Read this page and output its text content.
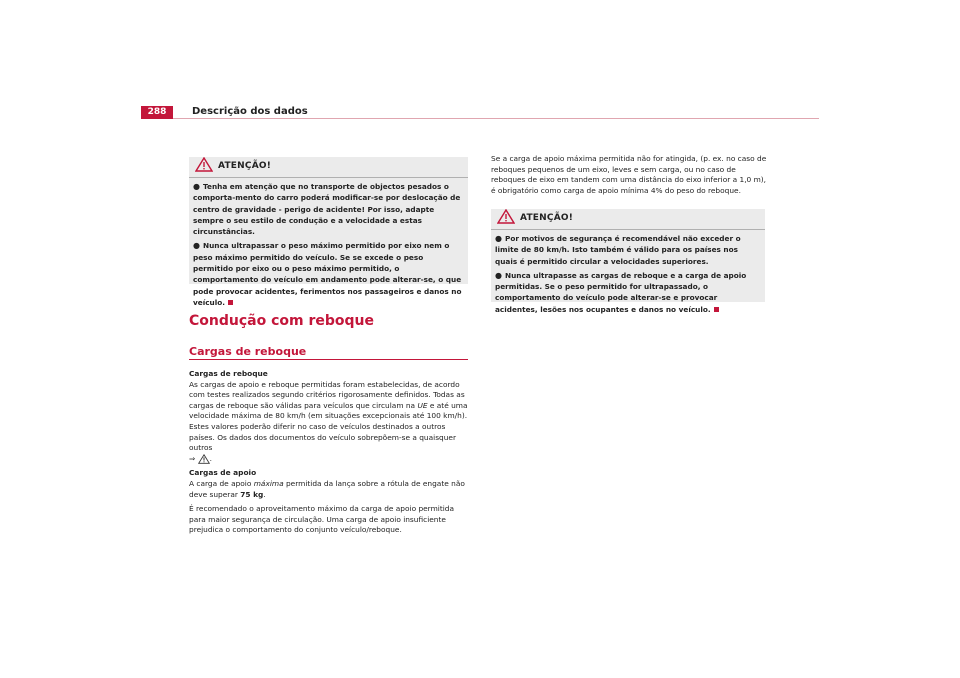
288	Descrição dos dados
ATENÇÃO!
● Tenha em atenção que no transporte de objectos pesados o comporta-mento do carro poderá modificar-se por deslocação de centro de gravidade - perigo de acidente! Por isso, adapte sempre o seu estilo de condução e a velocidade a estas circunstâncias.
● Nunca ultrapassar o peso máximo permitido por eixo nem o peso máximo permitido do veículo. Se se excede o peso permitido por eixo ou o peso máximo permitido, o comportamento do veículo em andamento pode alterar-se, o que pode provocar acidentes, ferimentos nos passageiros e danos no veículo.
Condução com reboque
Cargas de reboque
Cargas de reboque
As cargas de apoio e reboque permitidas foram estabelecidas, de acordo com testes realizados segundo critérios rigorosamente definidos. Todas as cargas de reboque são válidas para veículos que circulam na UE e até uma velocidade máxima de 80 km/h (em situações excepcionais até 100 km/h). Estes valores poderão diferir no caso de veículos destinados a outros países. Os dados dos documentos do veículo sobrepõem-se a quaisquer outros

⇒
.
Cargas de apoio
A carga de apoio máxima permitida da lança sobre a rótula de engate não deve superar 75 kg.
É recomendado o aproveitamento máximo da carga de apoio permitida para maior segurança de circulação. Uma carga de apoio insuficiente prejudica o comportamento do conjunto veículo/reboque.
Se a carga de apoio máxima permitida não for atingida, (p. ex. no caso de reboques pequenos de um eixo, leves e sem carga, ou no caso de reboques de eixo em tandem com uma distância do eixo inferior a 1,0 m), é obrigatório como carga de apoio mínima 4% do peso do reboque.
ATENÇÃO!
● Por motivos de segurança é recomendável não exceder o limite de 80 km/h. Isto também é válido para os países nos quais é permitido circular a velocidades superiores.
● Nunca ultrapasse as cargas de reboque e a carga de apoio permitidas. Se o peso permitido for ultrapassado, o comportamento do veículo pode alterar-se e provocar acidentes, lesões nos ocupantes e danos no veículo.
